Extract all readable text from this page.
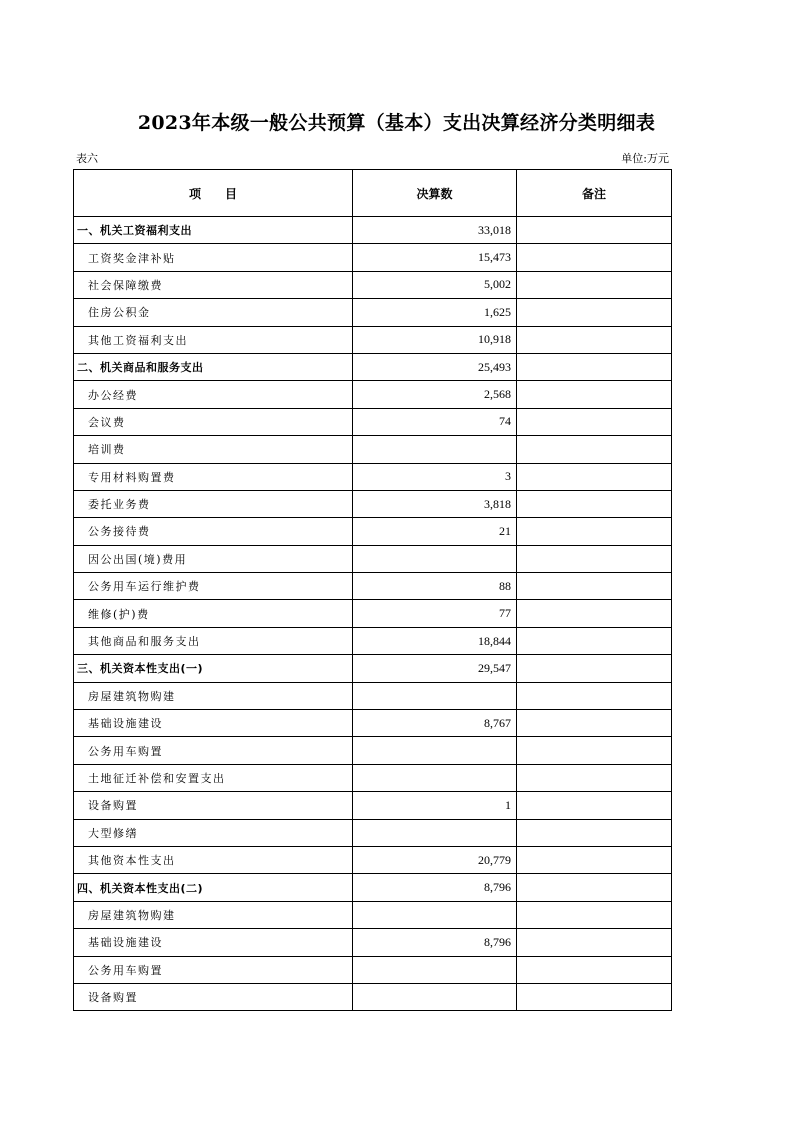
2023年本级一般公共预算（基本）支出决算经济分类明细表
表六	单位:万元
项　　目	决算数	备注
一、机关工资福利支出	33,018	
工资奖金津补贴	15,473	
社会保障缴费	5,002	
住房公积金	1,625	
其他工资福利支出	10,918	
二、机关商品和服务支出	25,493	
办公经费	2,568	
会议费	74	
培训费		
专用材料购置费	3	
委托业务费	3,818	
公务接待费	21	
因公出国(境)费用		
公务用车运行维护费	88	
维修(护)费	77	
其他商品和服务支出	18,844	
三、机关资本性支出(一)	29,547	
房屋建筑物购建		
基础设施建设	8,767	
公务用车购置		
土地征迁补偿和安置支出		
设备购置	1	
大型修缮		
其他资本性支出	20,779	
四、机关资本性支出(二)	8,796	
房屋建筑物购建		
基础设施建设	8,796	
公务用车购置		
设备购置		
